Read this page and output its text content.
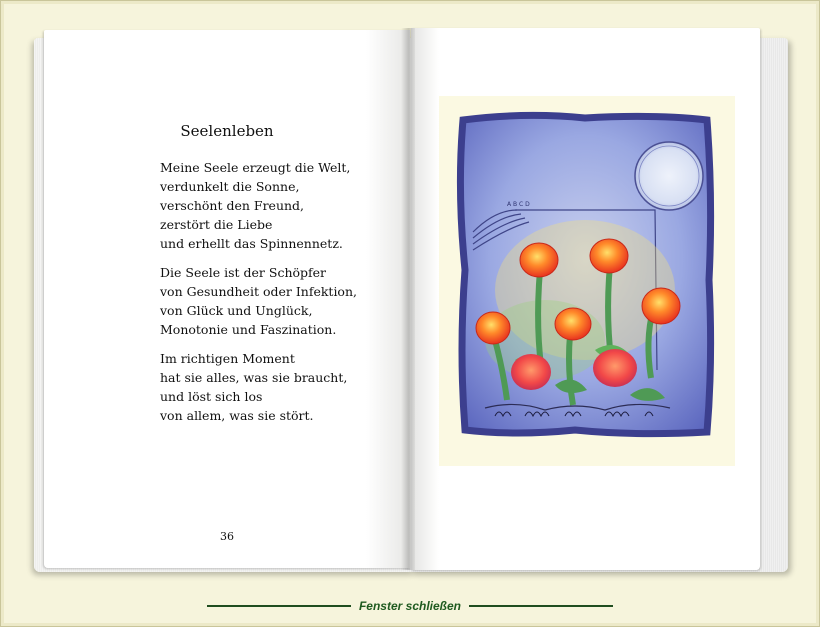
Seelenleben
Meine Seele erzeugt die Welt,
verdunkelt die Sonne,
verschönt den Freund,
zerstört die Liebe
und erhellt das Spinnennetz.
Die Seele ist der Schöpfer
von Gesundheit oder Infektion,
von Glück und Unglück,
Monotonie und Faszination.
Im richtigen Moment
hat sie alles, was sie braucht,
und löst sich los
von allem, was sie stört.
36
A B C D
Fenster schließen
